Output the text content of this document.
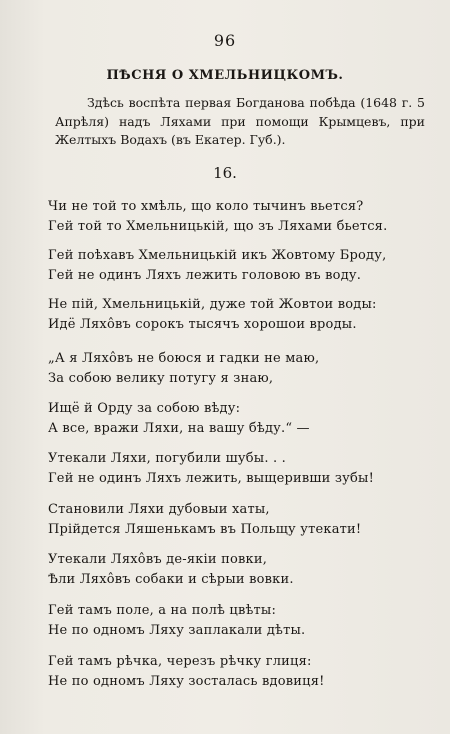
96
ПѢСНЯ О ХМЕЛЬНИЦКОМЪ.
Здѣсь воспѣта первая Богданова побѣда (1648 г. 5 Апрѣля) надъ Ляхами при помощи Крымцевъ, при Желтыхъ Водахъ (въ Екатер. Губ.).
16.
Чи не той то хмѣль, що коло тычинъ вьется?
Гей той то Хмельницькій, що зъ Ляхами бьется.
Гей поѣхавъ Хмельницькій икъ Жовтому Броду,
Гей не одинъ Ляхъ лежить головою въ воду.
Не пій, Хмельницькій, дуже той Жовтои воды:
Идё Ляхôвъ сорокъ тысячъ хорошои вроды.
„А я Ляхôвъ не боюся и гадки не маю,
За собою велику потугу я знаю,
Ищё й Орду за собою вѣду:
А все, вражи Ляхи, на вашу бѣду.“ —
Утекали Ляхи, погубили шубы. . .
Гей не одинъ Ляхъ лежить, выщеривши зубы!
Становили Ляхи дубовыи хаты,
Прійдется Ляшенькамъ въ Польщу утекати!
Утекали Ляхôвъ де-якіи повки,
Ѣли Ляхôвъ собаки и сѣрыи вовки.
Гей тамъ поле, а на полѣ цвѣты:
Не по одномъ Ляху заплакали дѣты.
Гей тамъ рѣчка, черезъ рѣчку глиця:
Не по одномъ Ляху зосталась вдовиця!
